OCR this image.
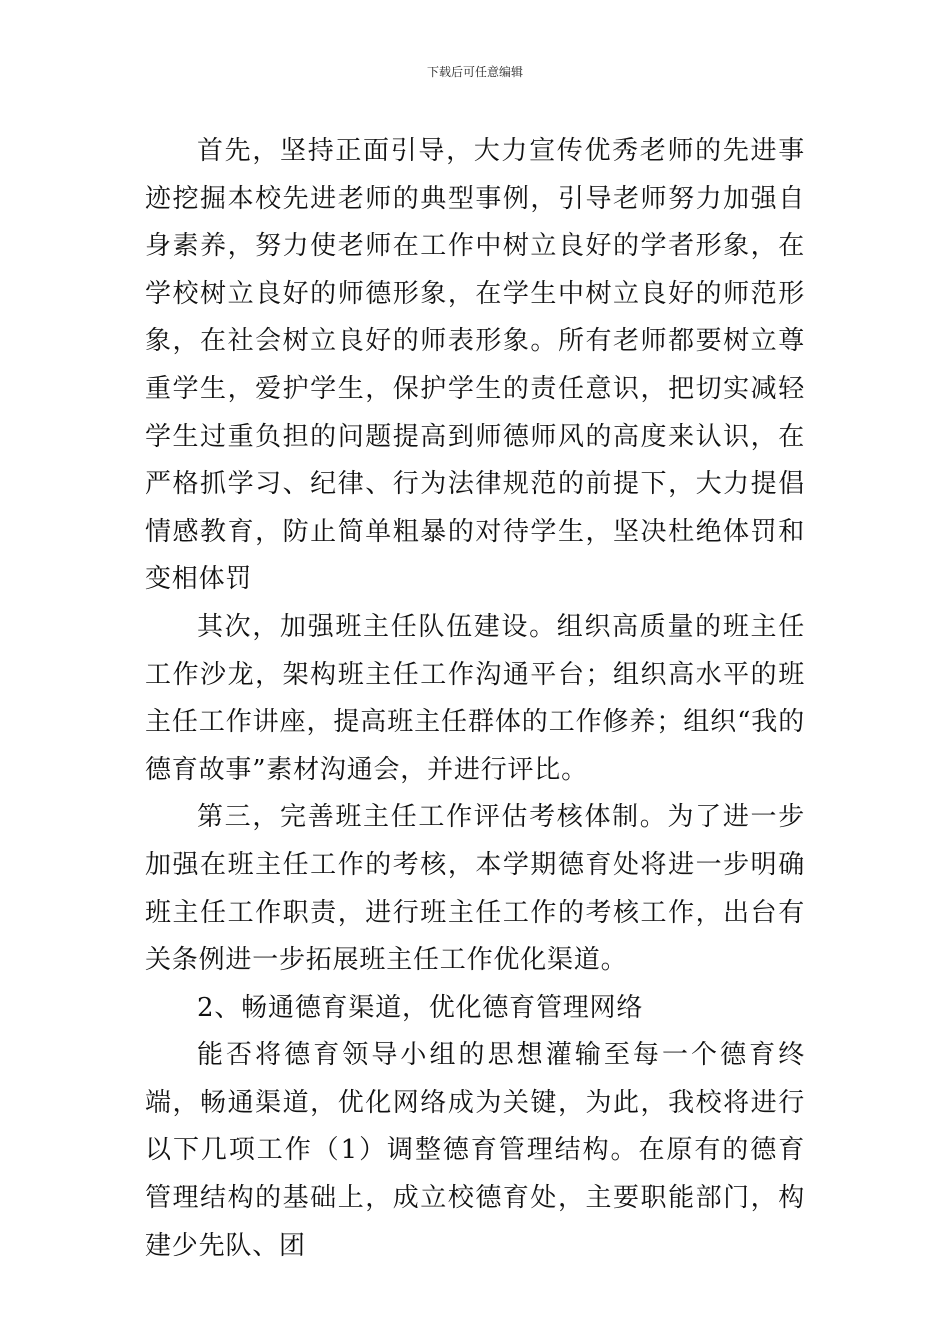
下载后可任意编辑

首先，坚持正面引导，大力宣传优秀老师的先进事迹挖掘本校先进老师的典型事例，引导老师努力加强自身素养，努力使老师在工作中树立良好的学者形象，在学校树立良好的师德形象，在学生中树立良好的师范形象，在社会树立良好的师表形象。所有老师都要树立尊重学生，爱护学生，保护学生的责任意识，把切实减轻学生过重负担的问题提高到师德师风的高度来认识，在严格抓学习、纪律、行为法律规范的前提下，大力提倡情感教育，防止简单粗暴的对待学生，坚决杜绝体罚和变相体罚

其次，加强班主任队伍建设。组织高质量的班主任工作沙龙，架构班主任工作沟通平台；组织高水平的班主任工作讲座，提高班主任群体的工作修养；组织“我的德育故事”素材沟通会，并进行评比。

第三，完善班主任工作评估考核体制。为了进一步加强在班主任工作的考核，本学期德育处将进一步明确班主任工作职责，进行班主任工作的考核工作，出台有关条例进一步拓展班主任工作优化渠道。

2、畅通德育渠道，优化德育管理网络

能否将德育领导小组的思想灌输至每一个德育终端，畅通渠道，优化网络成为关键，为此，我校将进行以下几项工作（1）调整德育管理结构。在原有的德育管理结构的基础上，成立校德育处，主要职能部门，构建少先队、团
